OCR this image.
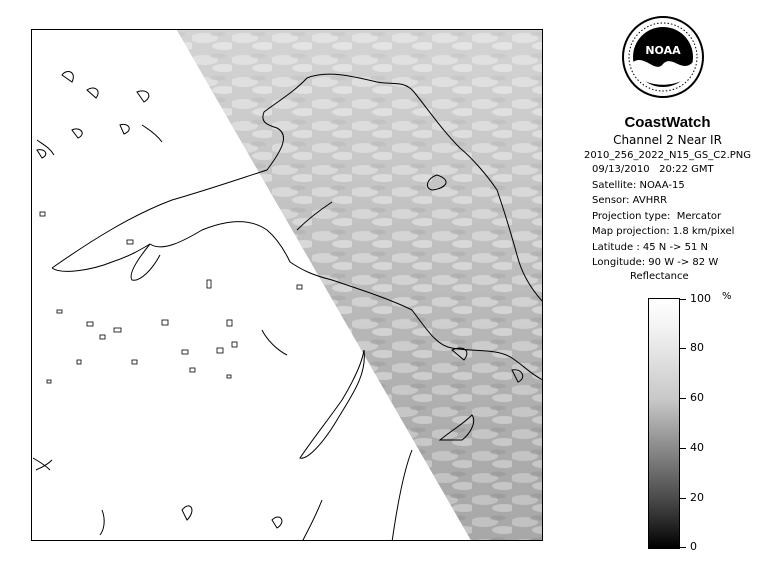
NOAA
CoastWatch
Channel 2 Near IR
2010_256_2022_N15_GS_C2.PNG
09/13/2010   20:22 GMT
Satellite: NOAA-15
Sensor: AVHRR
Projection type:  Mercator
Map projection: 1.8 km/pixel
Latitude : 45 N -> 51 N
Longitude: 90 W -> 82 W
Reflectance
%
100
80
60
40
20
0
